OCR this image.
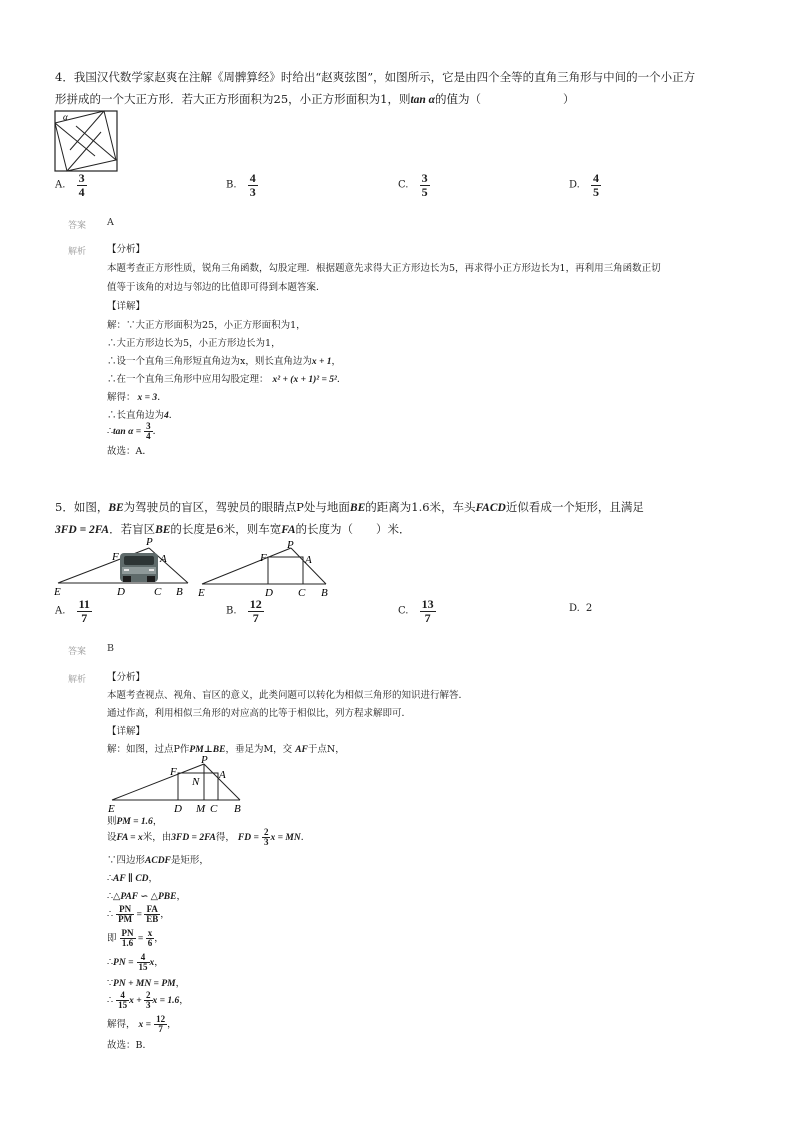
4．我国汉代数学家赵爽在注解《周髀算经》时给出“赵爽弦图”，如图所示，它是由四个全等的直角三角形与中间的一个小正方
形拼成的一个大正方形．若大正方形面积为25，小正方形面积为1，则tan α的值为（	）
α
A. $\frac{3}{4}$	B. $\frac{4}{3}$	C. $\frac{3}{5}$	D. $\frac{4}{5}$
答案 A
解析 【分析】
本题考查正方形性质，锐角三角函数，勾股定理．根据题意先求得大正方形边长为5，再求得小正方形边长为1，再利用三角函数正切
值等于该角的对边与邻边的比值即可得到本题答案．
【详解】
解：∵大正方形面积为25，小正方形面积为1，
∴大正方形边长为5，小正方形边长为1，
∴设一个直角三角形短直角边为x，则长直角边为x + 1，
∴在一个直角三角形中应用勾股定理： x² + (x + 1)² = 5²．
解得： x = 3．
∴长直角边为4．
∴tan $\alpha = \frac{3}{4}$ ．
故选：A．
5．如图，BE为驾驶员的盲区，驾驶员的眼睛点P处与地面BE的距离为1.6米，车头FACD近似看成一个矩形，且满足
3FD = 2FA．若盲区BE的长度是6米，则车宽FA的长度为（　　）米．
P
F	A
E	D	C B
P
F	A
E	D C B
A. $\frac{11}{7}$	B. $\frac{12}{7}$	C. $\frac{13}{7}$	D. 2
答案 B
解析 【分析】
本题考查视点、视角、盲区的意义，此类问题可以转化为相似三角形的知识进行解答．
通过作高，利用相似三角形的对应高的比等于相似比，列方程求解即可．
【详解】
解：如图，过点P作PM⊥BE，垂足为M，交 AF于点N，
P
F	A
N
E	D M C B
则PM = 1.6，
设FA = x米，由3FD = 2FA得， FD = $\frac{2}{3}$ x = MN．
∵四边形ACDF是矩形，
∴AF ∥ CD，
∴△PAF ∽ △PBE，
∴ $\frac{PN}{PM} = \frac{FA}{EB}$ ，
即 $\frac{PN}{1.6} = \frac{x}{6}$ ，
∴PN = $\frac{4}{15}$ x，
∵PN + MN = PM，
∴ $\frac{4}{15}$ $x + \frac{2}{3}$ x = 1.6，
解得， $x = \frac{12}{7}$ ，
故选：B．
